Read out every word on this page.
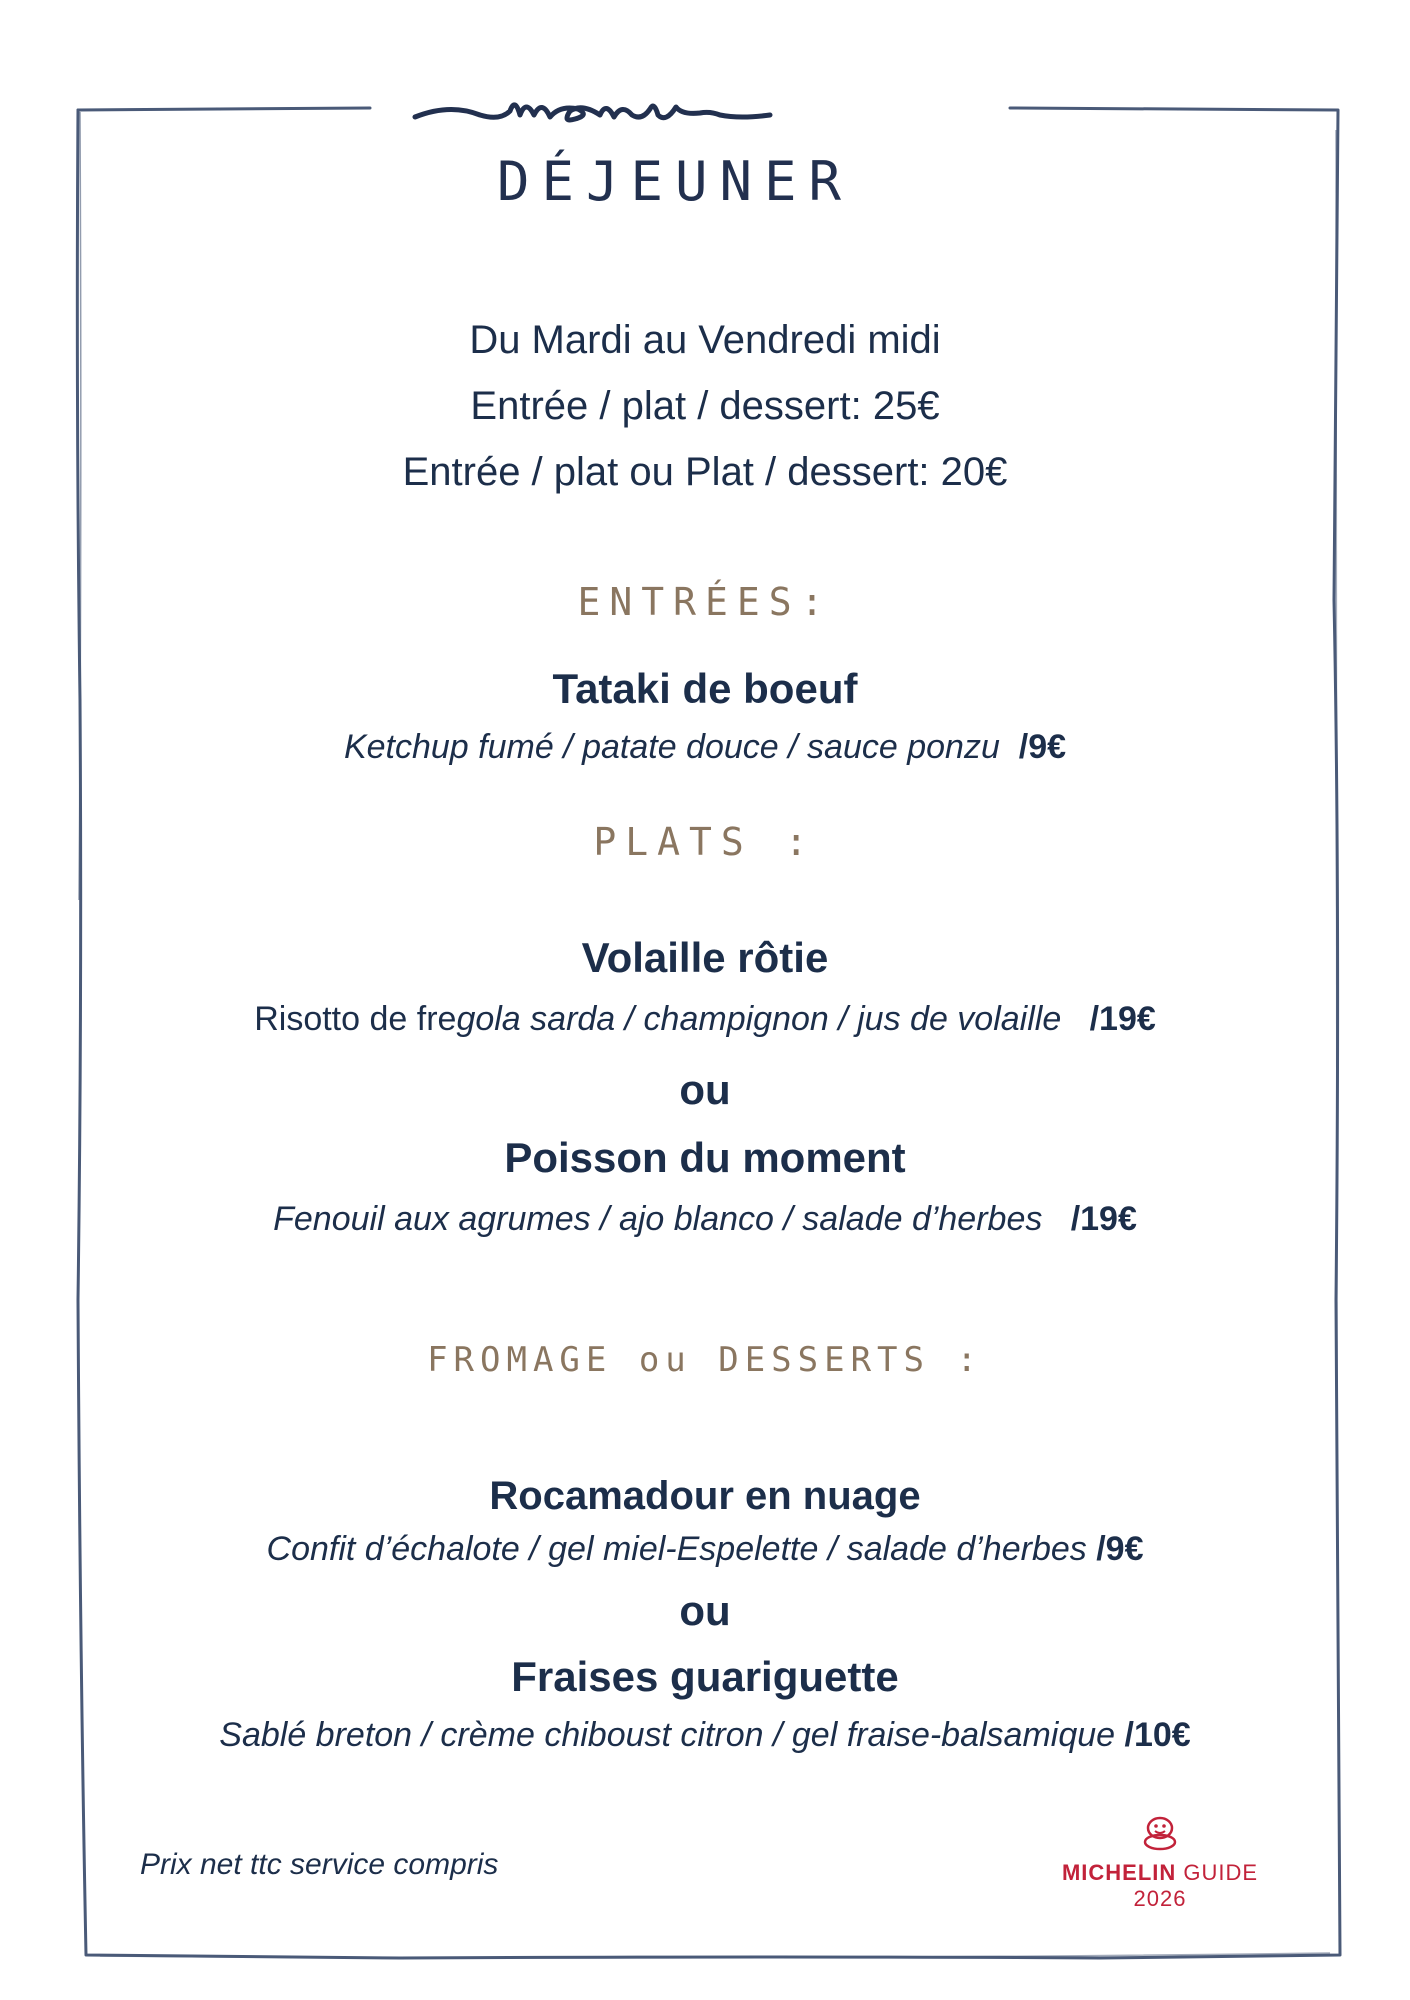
DÉJEUNER
Du Mardi au Vendredi midi
Entrée / plat / dessert: 25€
Entrée / plat ou Plat / dessert: 20€
ENTRÉES:
Tataki de boeuf
Ketchup fumé / patate douce / sauce ponzu /9€
PLATS :
Volaille rôtie
Risotto de fregola sarda / champignon / jus de volaille /19€
ou
Poisson du moment
Fenouil aux agrumes / ajo blanco / salade d’herbes /19€
FROMAGE ou DESSERTS :
Rocamadour en nuage
Confit d’échalote / gel miel-Espelette / salade d’herbes /9€
ou
Fraises guariguette
Sablé breton / crème chiboust citron / gel fraise-balsamique /10€
Prix net ttc service compris	MICHELIN GUIDE
2026
